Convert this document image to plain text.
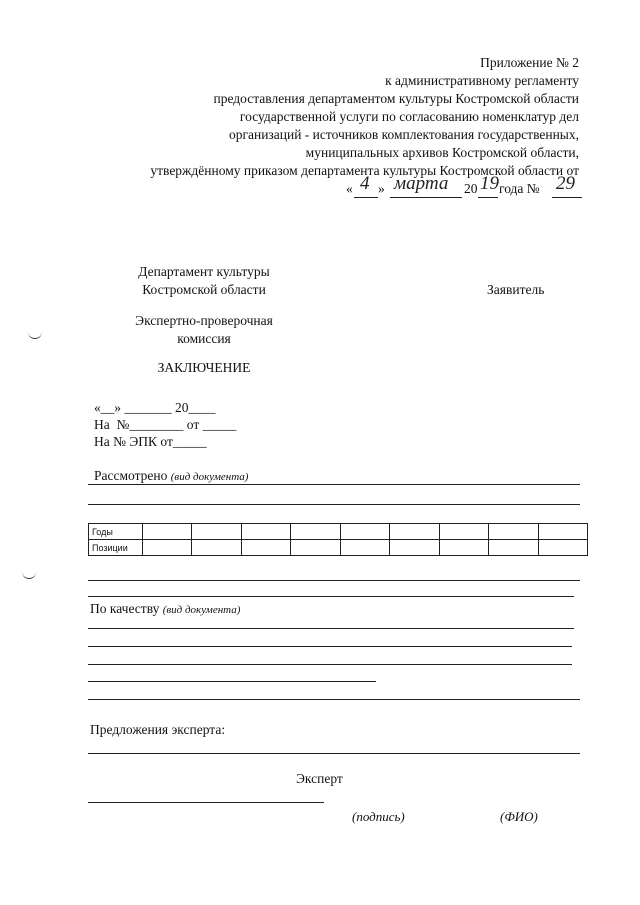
Приложение № 2
к административному регламенту
предоставления департаментом культуры Костромской области
государственной услуги по согласованию номенклатур дел
организаций - источников комплектования государственных,
муниципальных архивов Костромской области,
утверждённому приказом департамента культуры Костромской области от
« 4 » марта 20 19 года № 29
Департамент культуры
Костромской области	Заявитель
Экспертно-проверочная
комиссия
ЗАКЛЮЧЕНИЕ
«__» _______ 20____
На  №________ от _____
На № ЭПК от_____
Рассмотрено (вид документа)
Годы									
Позиции									
По качеству (вид документа)
Предложения эксперта:
Эксперт
(подпись)	(ФИО)
